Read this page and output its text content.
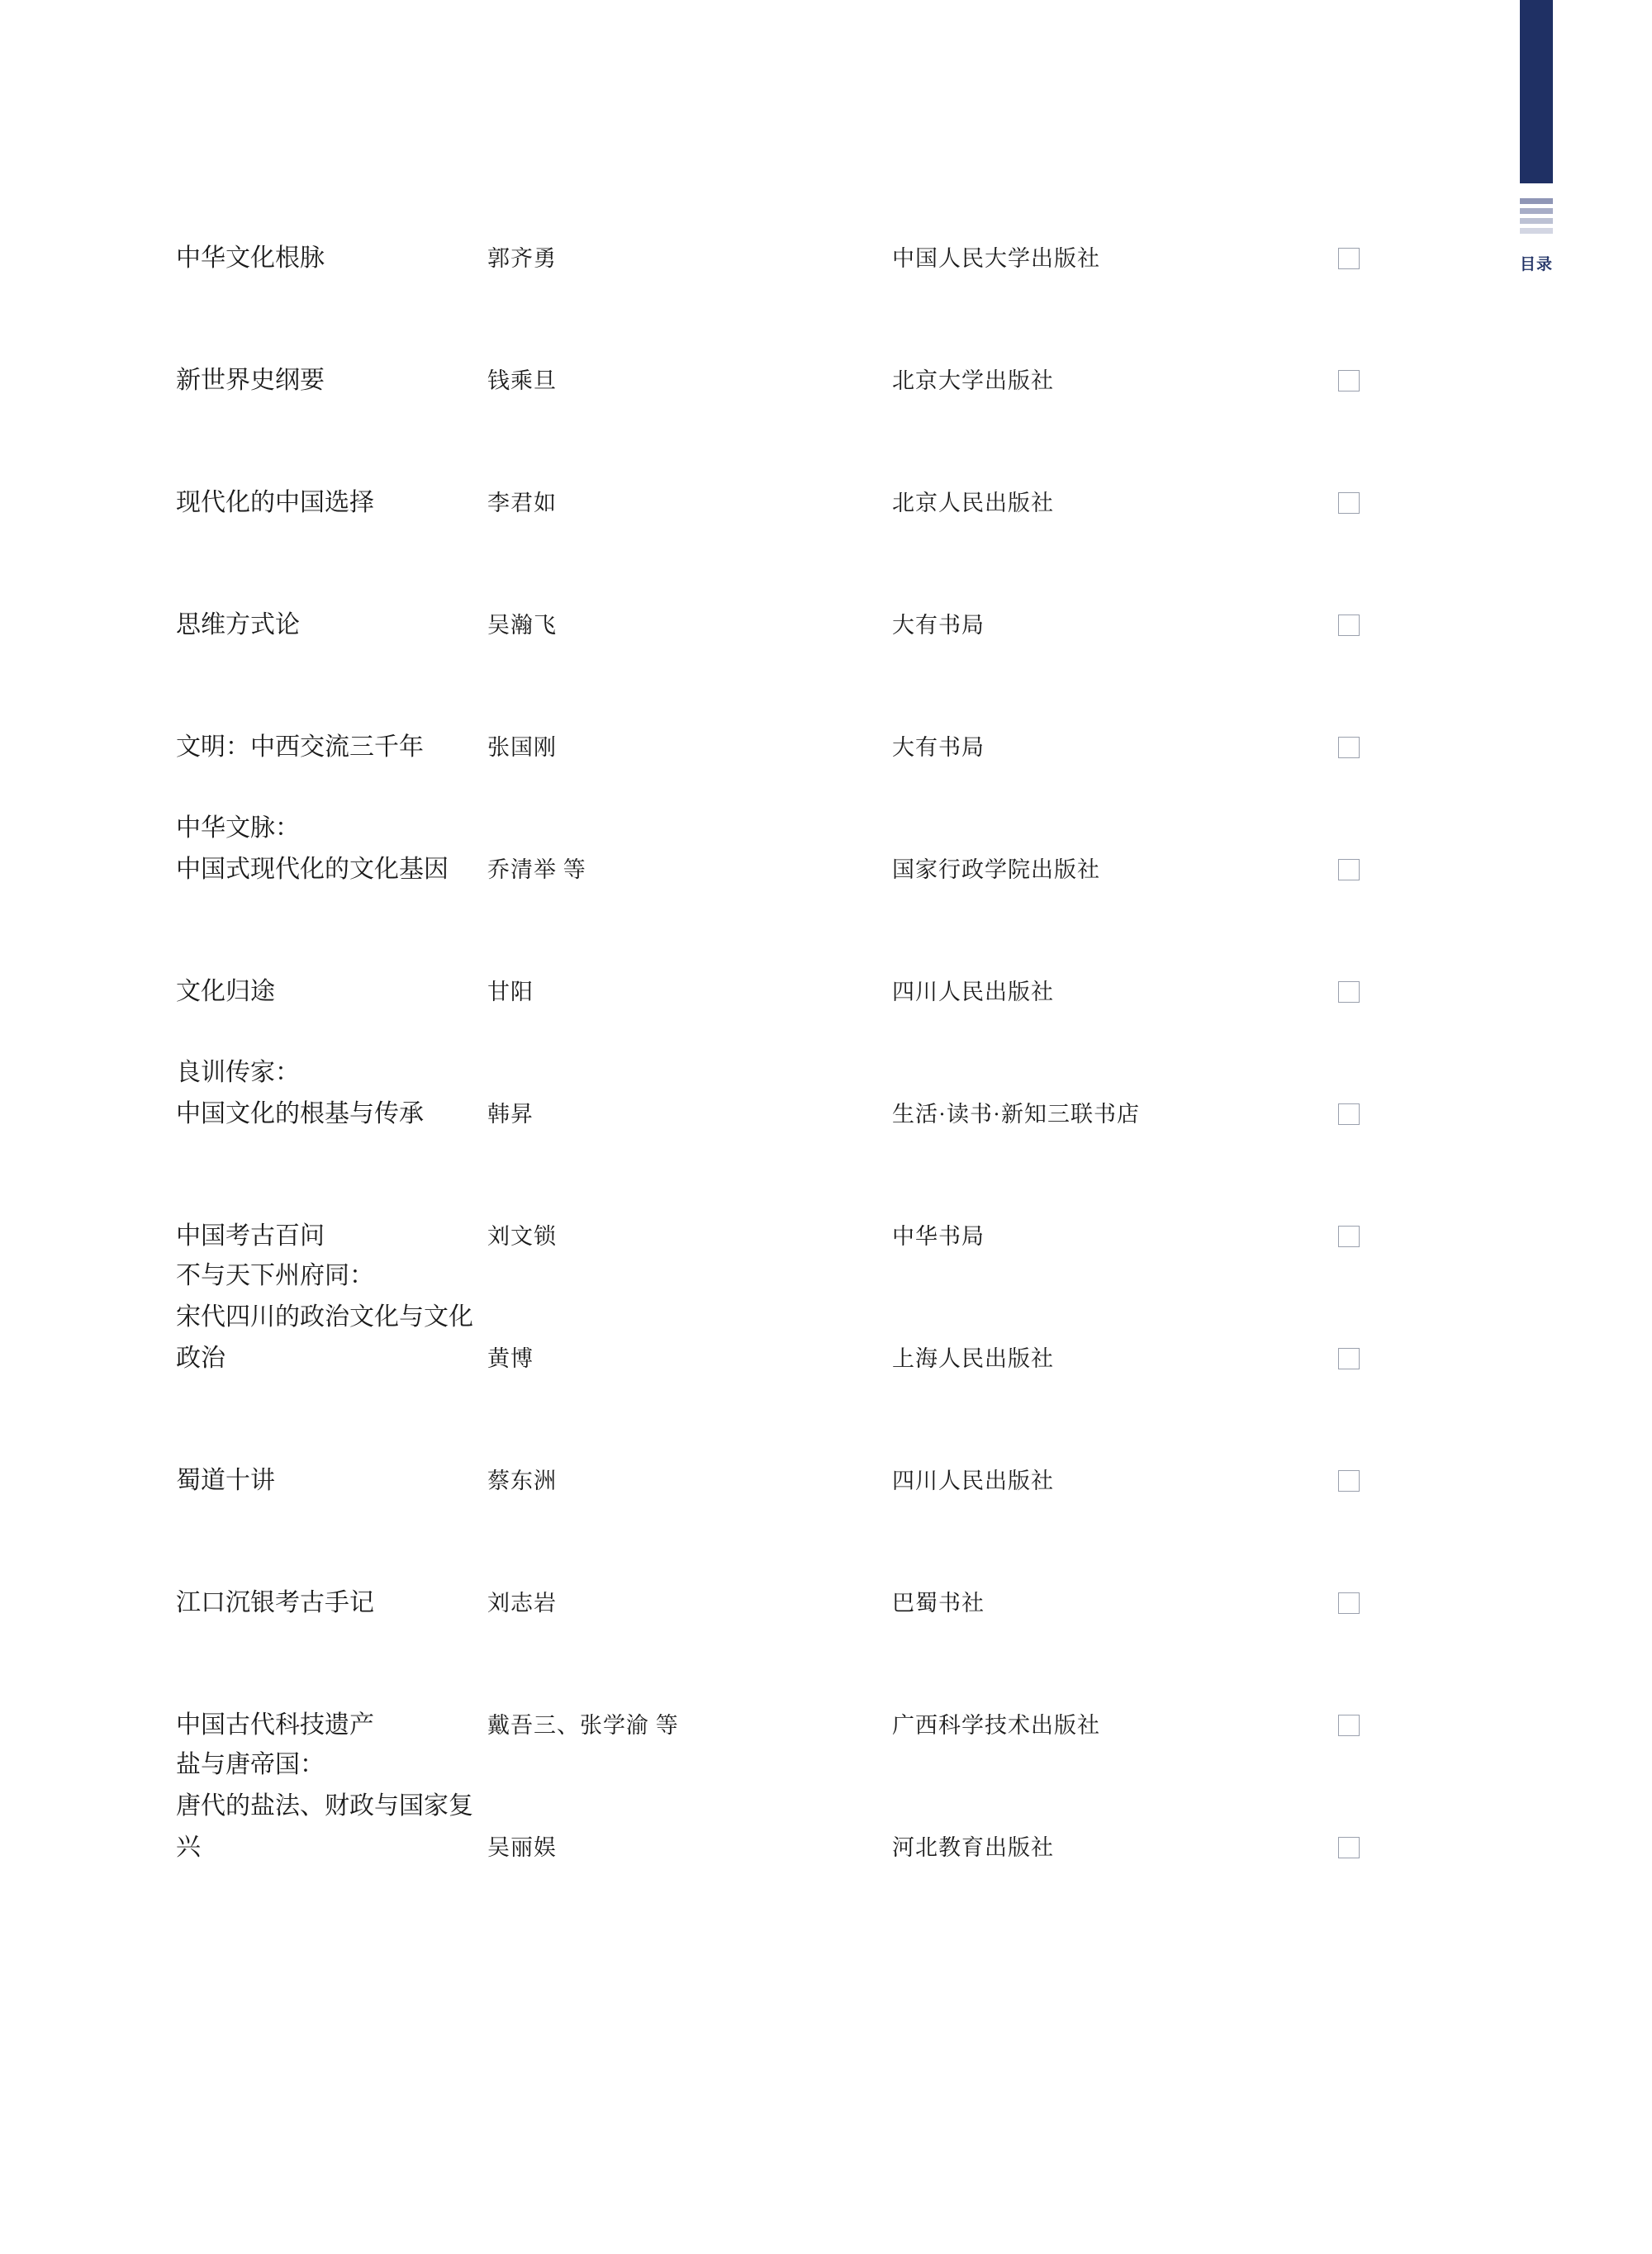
目录
中华文化根脉	郭齐勇	中国人民大学出版社
新世界史纲要	钱乘旦	北京大学出版社
现代化的中国选择	李君如	北京人民出版社
思维方式论	吴瀚飞	大有书局
文明：中西交流三千年	张国刚	大有书局
中华文脉：
中国式现代化的文化基因	乔清举 等	国家行政学院出版社
文化归途	甘阳	四川人民出版社
良训传家：
中国文化的根基与传承	韩昇	生活·读书·新知三联书店
中国考古百问	刘文锁	中华书局
不与天下州府同：
宋代四川的政治文化与文化政治	黄博	上海人民出版社
蜀道十讲	蔡东洲	四川人民出版社
江口沉银考古手记	刘志岩	巴蜀书社
中国古代科技遗产	戴吾三、张学渝 等	广西科学技术出版社
盐与唐帝国：
唐代的盐法、财政与国家复兴	吴丽娱	河北教育出版社
